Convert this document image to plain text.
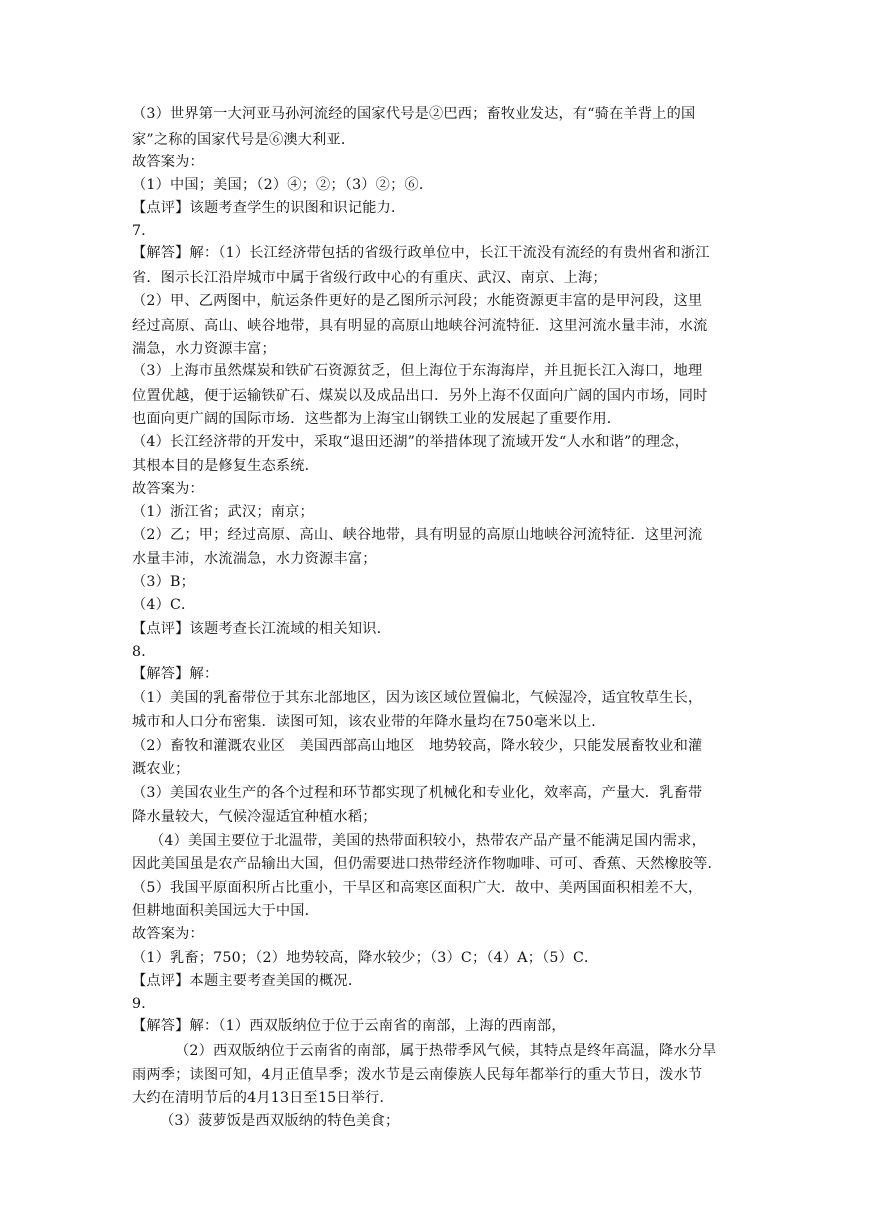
（3）世界第一大河亚马孙河流经的国家代号是②巴西；畜牧业发达，有“骑在羊背上的国
家”之称的国家代号是⑥澳大利亚．
故答案为：
（1）中国；美国；（2）④；②；（3）②；⑥．
【点评】该题考查学生的识图和识记能力．
7．
【解答】解：（1）长江经济带包括的省级行政单位中，长江干流没有流经的有贵州省和浙江
省．图示长江沿岸城市中属于省级行政中心的有重庆、武汉、南京、上海；
（2）甲、乙两图中，航运条件更好的是乙图所示河段；水能资源更丰富的是甲河段，这里
经过高原、高山、峡谷地带，具有明显的高原山地峡谷河流特征．这里河流水量丰沛，水流
湍急，水力资源丰富；
（3）上海市虽然煤炭和铁矿石资源贫乏，但上海位于东海海岸，并且扼长江入海口，地理
位置优越，便于运输铁矿石、煤炭以及成品出口．另外上海不仅面向广阔的国内市场，同时
也面向更广阔的国际市场．这些都为上海宝山钢铁工业的发展起了重要作用．
（4）长江经济带的开发中，采取“退田还湖”的举措体现了流域开发“人水和谐”的理念，
其根本目的是修复生态系统．
故答案为：
（1）浙江省；武汉；南京；
（2）乙；甲；经过高原、高山、峡谷地带，具有明显的高原山地峡谷河流特征．这里河流
水量丰沛，水流湍急，水力资源丰富；
（3）B；
（4）C．
【点评】该题考查长江流域的相关知识．
8．
【解答】解：
（1）美国的乳畜带位于其东北部地区，因为该区域位置偏北，气候湿冷，适宜牧草生长，
城市和人口分布密集．读图可知，该农业带的年降水量均在750毫米以上．
（2）畜牧和灌溉农业区　美国西部高山地区　地势较高，降水较少，只能发展畜牧业和灌
溉农业；
（3）美国农业生产的各个过程和环节都实现了机械化和专业化，效率高，产量大．乳畜带
降水量较大，气候冷湿适宜种植水稻；
（4）美国主要位于北温带，美国的热带面积较小，热带农产品产量不能满足国内需求，
因此美国虽是农产品输出大国，但仍需要进口热带经济作物咖啡、可可、香蕉、天然橡胶等．
（5）我国平原面积所占比重小，干旱区和高寒区面积广大．故中、美两国面积相差不大，
但耕地面积美国远大于中国．
故答案为：
（1）乳畜；750；（2）地势较高，降水较少；（3）C；（4）A；（5）C．
【点评】本题主要考查美国的概况．
9．
【解答】解：（1）西双版纳位于位于云南省的南部，上海的西南部，
（2）西双版纳位于云南省的南部，属于热带季风气候，其特点是终年高温，降水分旱
雨两季；读图可知，4月正值旱季；泼水节是云南傣族人民每年都举行的重大节日，泼水节
大约在清明节后的4月13日至15日举行．
（3）菠萝饭是西双版纳的特色美食；
